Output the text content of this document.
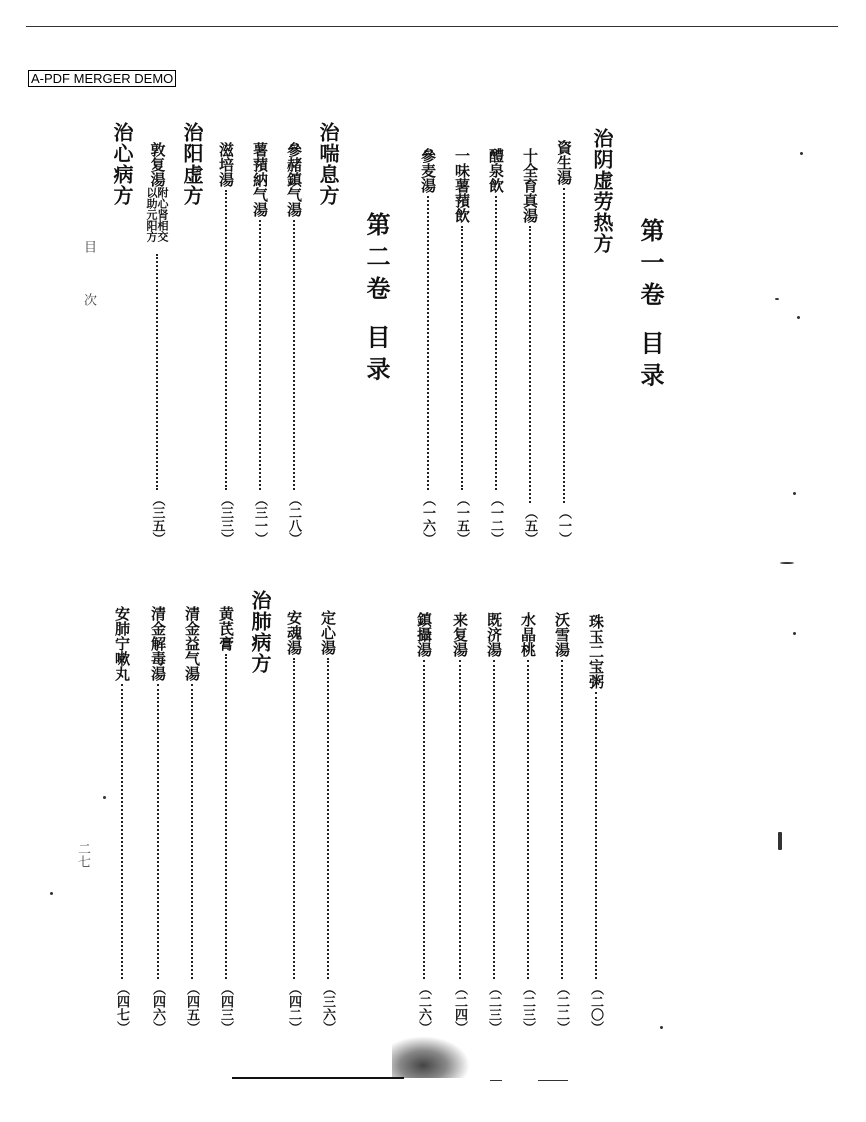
A-PDF MERGER DEMO
第一卷 目录
治阴虚劳热方
資生湯
（一）
十全育真湯
（五）
醴泉飲
（一二）
一味薯蕷飲
（一五）
參麦湯
（一六）
第二卷 目录
治喘息方
參赭鎮气湯
（二八）
薯蕷納气湯
（三一）
滋培湯
（三三）
治阳虚方
敦复湯
附心肾相交以助元阳方
（三五）
治心病方
目 次
珠玉二宝粥
（二〇）
沃雪湯
（二二）
水晶桃
（二三）
既济湯
（二三）
来复湯
（二四）
鎮攝湯
（二六）
定心湯
（三六）
安魂湯
（四二）
治肺病方
黄芪膏
（四三）
清金益气湯
（四五）
清金解毒湯
（四六）
安肺宁嗽丸
（四七）
二七
